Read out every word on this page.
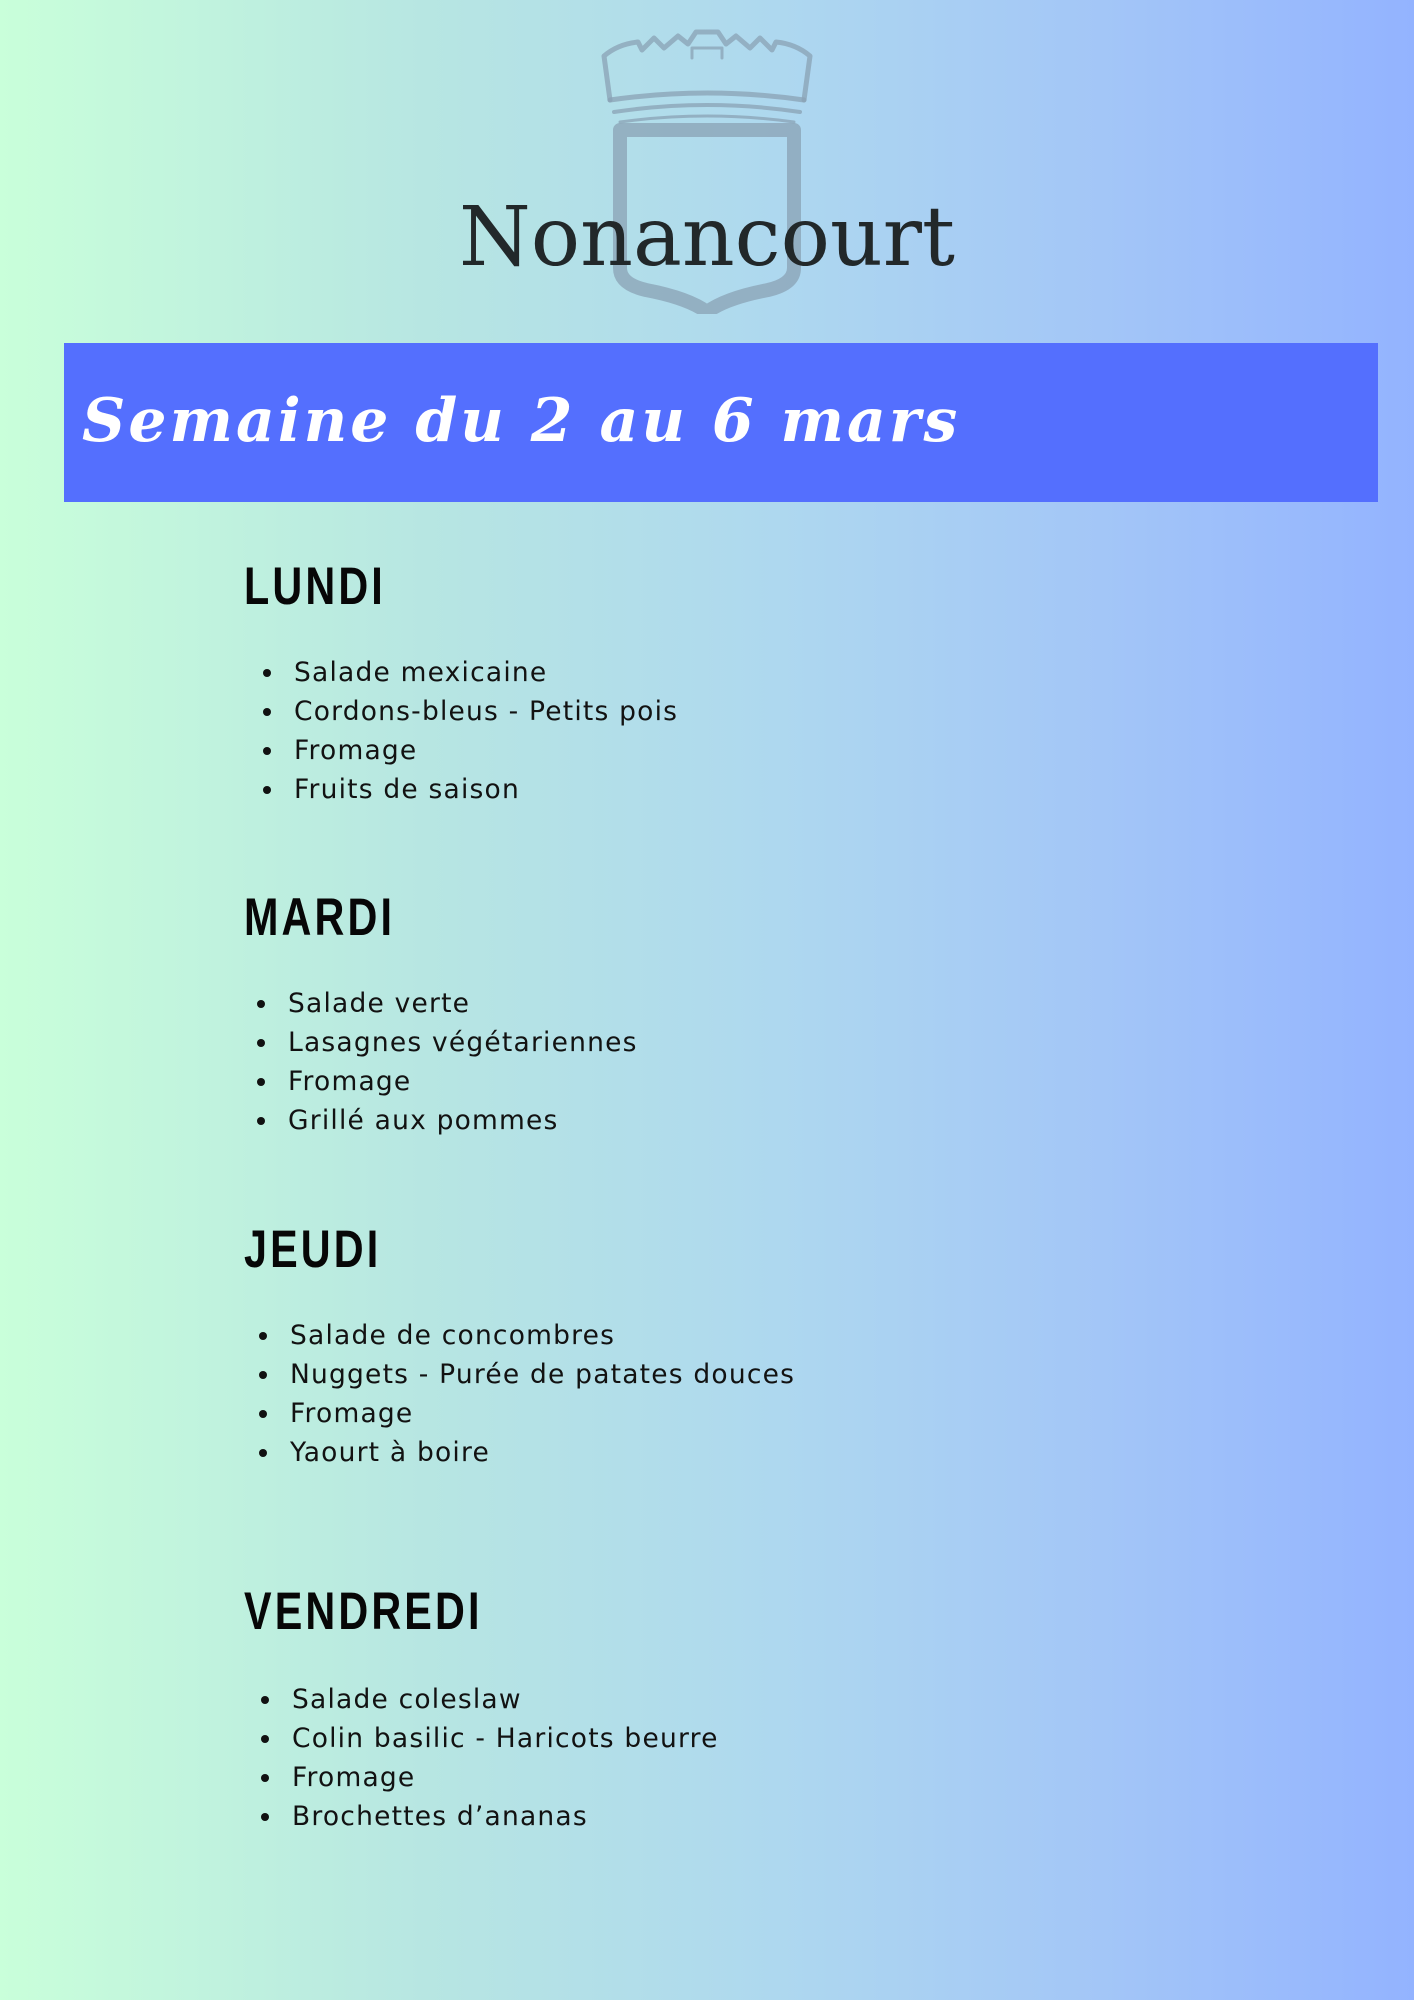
Nonancourt
Semaine du 2 au 6 mars
LUNDI
Salade mexicaine
Cordons-bleus - Petits pois
Fromage
Fruits de saison
MARDI
Salade verte
Lasagnes végétariennes
Fromage
Grillé aux pommes
JEUDI
Salade de concombres
Nuggets - Purée de patates douces
Fromage
Yaourt à boire
VENDREDI
Salade coleslaw
Colin basilic - Haricots beurre
Fromage
Brochettes d’ananas
